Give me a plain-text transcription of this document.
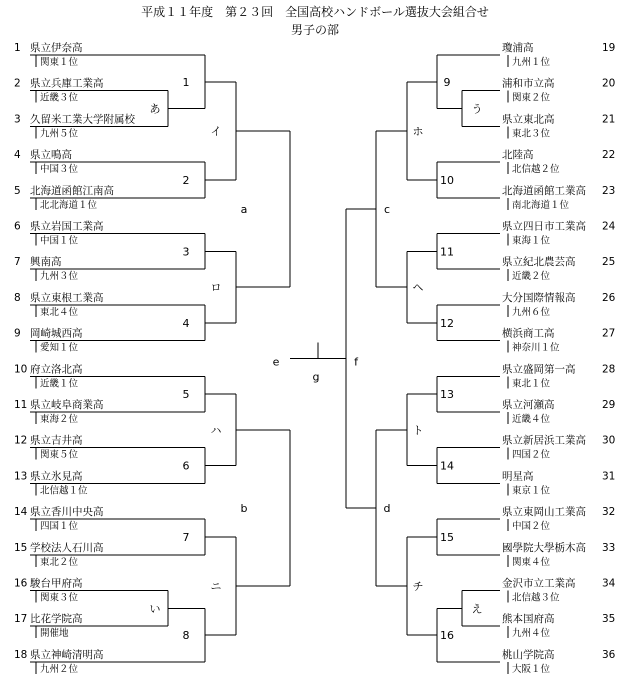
平成１１年度　第２３回　全国高校ハンドボール選抜大会組合せ
男子の部
1 県立伊奈高
関東１位
2 県立兵庫工業高
近畿３位
3 久留米工業大学附属校
九州５位
4 県立鳴高
中国３位
5 北海道函館江南高
北北海道１位
6 県立岩国工業高
中国１位
7 興南高
九州３位
8 県立東根工業高
東北４位
9 岡崎城西高
愛知１位
10 府立洛北高
近畿１位
11 県立岐阜商業高
東海２位
12 県立吉井高
関東５位
13 県立氷見高
北信越１位
14 県立香川中央高
四国１位
15 学校法人石川高
東北２位
16 駿台甲府高
関東３位
17 比花学院高
開催地
18 県立神崎清明高
九州２位
あ
い
1
2
3
4
5
6
7
8
イ
ロ
ハ
ニ
a
b
19
瓊浦高
九州１位
20
浦和市立高
関東２位
21
県立東北高
東北３位
22
北陸高
北信越２位
23
北海道函館工業高
南北海道１位
24
県立四日市工業高
東海１位
25
県立紀北農芸高
近畿２位
26
大分国際情報高
九州６位
27
横浜商工高
神奈川１位
28
県立盛岡第一高
東北１位
29
県立河瀬高
近畿４位
30
県立新居浜工業高
四国２位
31
明星高
東京１位
32
県立東岡山工業高
中国２位
33
國學院大學栃木高
関東４位
34
金沢市立工業高
北信越３位
35
熊本国府高
九州４位
36
桃山学院高
大阪１位
う
え
9
10
11
12
13
14
15
16
ホ
ヘ
ト
チ
c
d
e	f
g
